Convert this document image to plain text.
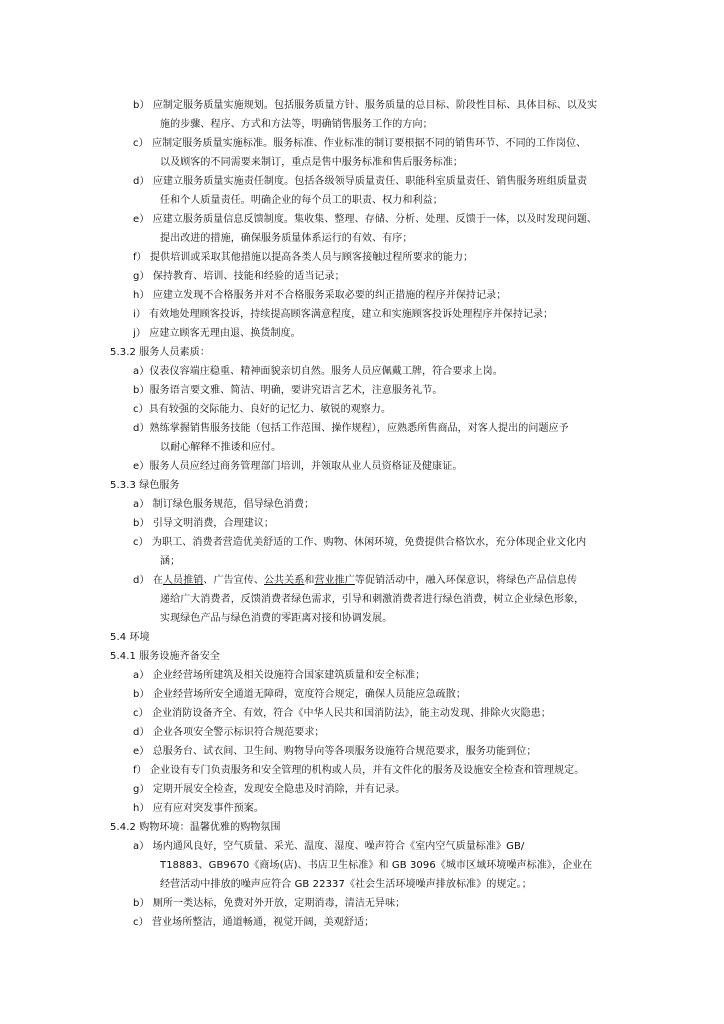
b） 应制定服务质量实施规划。包括服务质量方针、服务质量的总目标、阶段性目标、具体目标、以及实
施的步骤、程序、方式和方法等，明确销售服务工作的方向；
c） 应制定服务质量实施标准。服务标准、作业标准的制订要根据不同的销售环节、不同的工作岗位、
以及顾客的不同需要来制订，重点是售中服务标准和售后服务标准；
d） 应建立服务质量实施责任制度。包括各级领导质量责任、职能科室质量责任、销售服务班组质量责
任和个人质量责任。明确企业的每个员工的职责、权力和利益；
e） 应建立服务质量信息反馈制度。集收集、整理、存储、分析、处理、反馈于一体，以及时发现问题、
提出改进的措施，确保服务质量体系运行的有效、有序；
f） 提供培训或采取其他措施以提高各类人员与顾客接触过程所要求的能力；
g） 保持教育、培训、技能和经验的适当记录；
h） 应建立发现不合格服务并对不合格服务采取必要的纠正措施的程序并保持记录；
i） 有效地处理顾客投诉，持续提高顾客满意程度，建立和实施顾客投诉处理程序并保持记录；
j） 应建立顾客无理由退、换货制度。
5.3.2 服务人员素质：
a）仪表仪容端庄稳重、精神面貌亲切自然。服务人员应佩戴工牌，符合要求上岗。
b）服务语言要文雅、简洁、明确，要讲究语言艺术，注意服务礼节。
c）具有较强的交际能力、良好的记忆力、敏锐的观察力。
d）熟练掌握销售服务技能（包括工作范围、操作规程），应熟悉所售商品，对客人提出的问题应予
以耐心解释不推诿和应付。
e）服务人员应经过商务管理部门培训，并领取从业人员资格证及健康证。
5.3.3 绿色服务
a） 制订绿色服务规范，倡导绿色消费；
b） 引导文明消费，合理建议；
c） 为职工、消费者营造优美舒适的工作、购物、休闲环境，免费提供合格饮水，充分体现企业文化内
涵；
d） 在人员推销、广告宣传、公共关系和营业推广等促销活动中，融入环保意识，将绿色产品信息传
递给广大消费者，反馈消费者绿色需求，引导和刺激消费者进行绿色消费，树立企业绿色形象，
实现绿色产品与绿色消费的零距离对接和协调发展。
5.4 环境
5.4.1 服务设施齐备安全
a） 企业经营场所建筑及相关设施符合国家建筑质量和安全标准；
b） 企业经营场所安全通道无障碍，宽度符合规定，确保人员能应急疏散；
c） 企业消防设备齐全、有效，符合《中华人民共和国消防法》，能主动发现、排除火灾隐患；
d） 企业各项安全警示标识符合规范要求；
e） 总服务台、试衣间、卫生间、购物导向等各项服务设施符合规范要求，服务功能到位；
f） 企业设有专门负责服务和安全管理的机构或人员，并有文件化的服务及设施安全检查和管理规定。
g） 定期开展安全检查，发现安全隐患及时消除，并有记录。
h） 应有应对突发事件预案。
5.4.2 购物环境：温馨优雅的购物氛围
a） 场内通风良好，空气质量、采光、温度、湿度、噪声符合《室内空气质量标准》GB/
T18883、GB9670《商场(店)、书店卫生标准》和 GB 3096《城市区域环境噪声标准》，企业在
经营活动中排放的噪声应符合 GB 22337《社会生活环境噪声排放标准》的规定。；
b） 厕所一类达标，免费对外开放，定期消毒，清洁无异味；
c） 营业场所整洁，通道畅通，视觉开阔，美观舒适；
